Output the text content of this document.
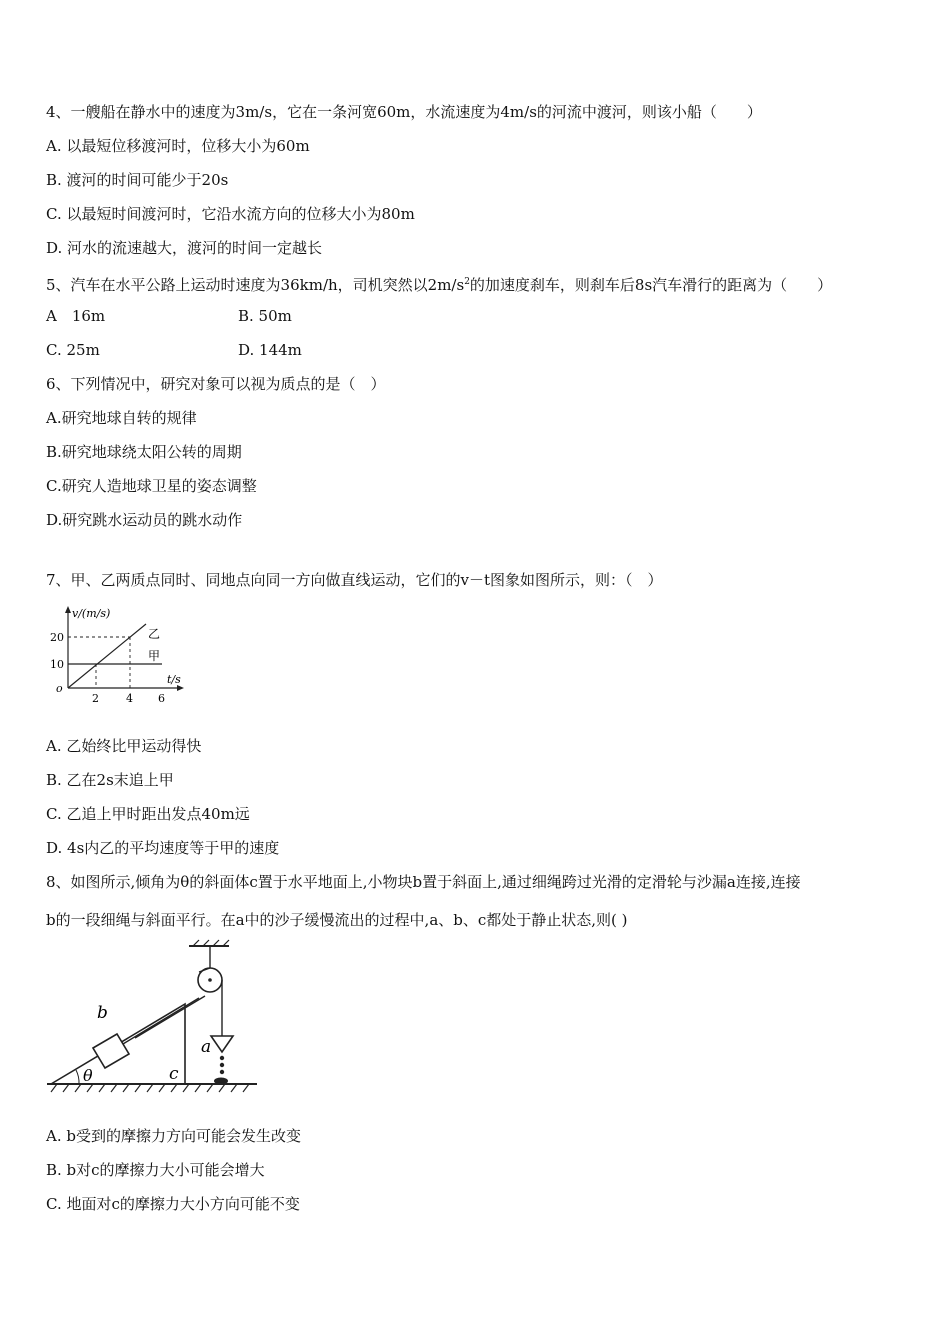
4、一艘船在静水中的速度为3m/s，它在一条河宽60m，水流速度为4m/s的河流中渡河，则该小船（　　）
A. 以最短位移渡河时，位移大小为60m
B. 渡河的时间可能少于20s
C. 以最短时间渡河时，它沿水流方向的位移大小为80m
D. 河水的流速越大，渡河的时间一定越长
5、汽车在水平公路上运动时速度为36km/h，司机突然以$2m/s^2$的加速度刹车，则刹车后8s汽车滑行的距离为（　　）
A　16m	B. 50m
C. 25m	D. 144m
6、下列情况中，研究对象可以视为质点的是（　）
A.研究地球自转的规律
B.研究地球绕太阳公转的周期
C.研究人造地球卫星的姿态调整
D.研究跳水运动员的跳水动作
7、甲、乙两质点同时、同地点向同一方向做直线运动，它们的v－t图象如图所示，则：（　）
v/(m/s)
t/s
o
20
10
2 4 6
乙
甲
A. 乙始终比甲运动得快
B. 乙在2s末追上甲
C. 乙追上甲时距出发点40m远
D. 4s内乙的平均速度等于甲的速度
8、如图所示,倾角为θ的斜面体c置于水平地面上,小物块b置于斜面上,通过细绳跨过光滑的定滑轮与沙漏a连接,连接
b的一段细绳与斜面平行。在a中的沙子缓慢流出的过程中,a、b、c都处于静止状态,则( )
b
a
c
θ
A. b受到的摩擦力方向可能会发生改变
B. b对c的摩擦力大小可能会增大
C. 地面对c的摩擦力大小方向可能不变
